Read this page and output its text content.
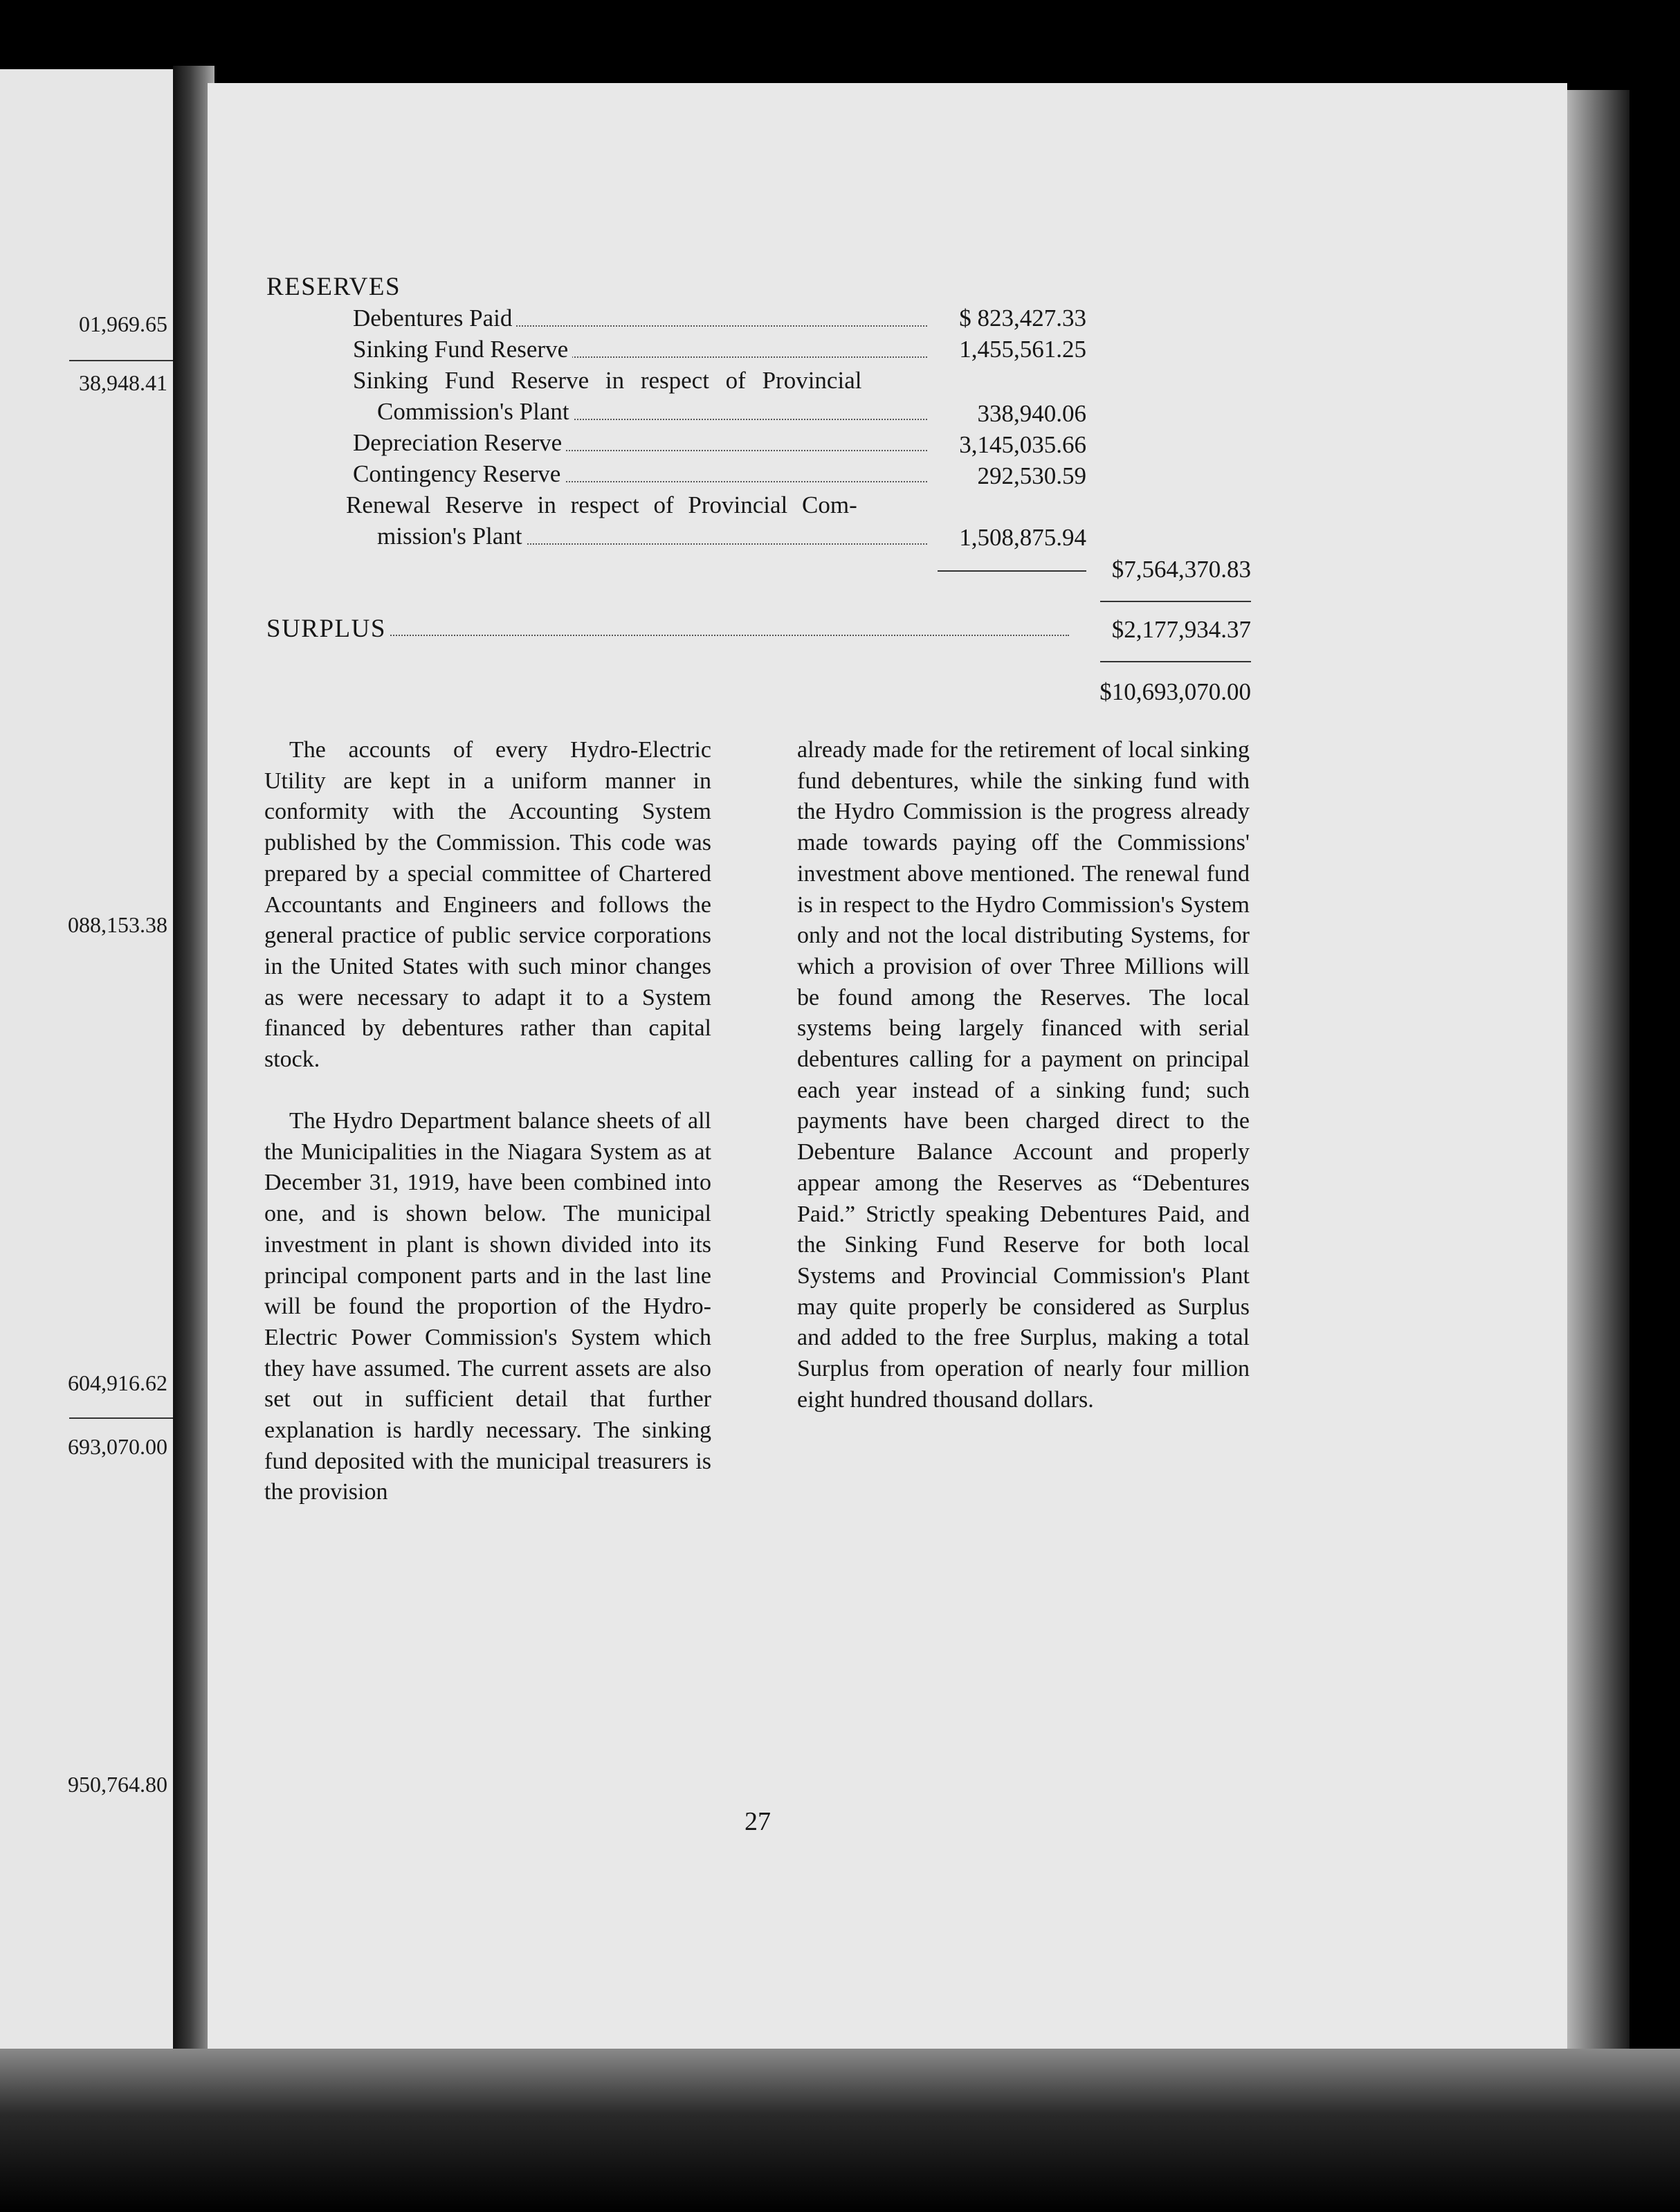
01,969.65
38,948.41
088,153.38
604,916.62
693,070.00
950,764.80
RESERVES
Debentures Paid	$ 823,427.33
Sinking Fund Reserve	1,455,561.25
Sinking Fund Reserve in respect of Provincial
Commission's Plant	338,940.06
Depreciation Reserve	3,145,035.66
Contingency Reserve	292,530.59
Renewal Reserve in respect of Provincial Com-
mission's Plant	1,508,875.94
$7,564,370.83
SURPLUS	$2,177,934.37
$10,693,070.00

The accounts of every Hydro-Electric Utility are kept in a uniform manner in conformity with the Accounting System published by the Commission. This code was prepared by a special committee of Chartered Accountants and Engineers and follows the general practice of public service corporations in the United States with such minor changes as were necessary to adapt it to a System financed by debentures rather than capital stock.

The Hydro Department balance sheets of all the Municipalities in the Niagara System as at December 31, 1919, have been combined into one, and is shown below. The municipal investment in plant is shown divided into its principal component parts and in the last line will be found the proportion of the Hydro-Electric Power Commission's System which they have assumed. The current assets are also set out in sufficient detail that further explanation is hardly necessary. The sinking fund deposited with the municipal treasurers is the provision

already made for the retirement of local sinking fund debentures, while the sinking fund with the Hydro Commission is the progress already made towards paying off the Commissions' investment above mentioned. The renewal fund is in respect to the Hydro Commission's System only and not the local distributing Systems, for which a provision of over Three Millions will be found among the Reserves. The local systems being largely financed with serial debentures calling for a payment on principal each year instead of a sinking fund; such payments have been charged direct to the Debenture Balance Account and properly appear among the Reserves as “Debentures Paid.” Strictly speaking Debentures Paid, and the Sinking Fund Reserve for both local Systems and Provincial Commission's Plant may quite properly be considered as Surplus and added to the free Surplus, making a total Surplus from operation of nearly four million eight hundred thousand dollars.

27
